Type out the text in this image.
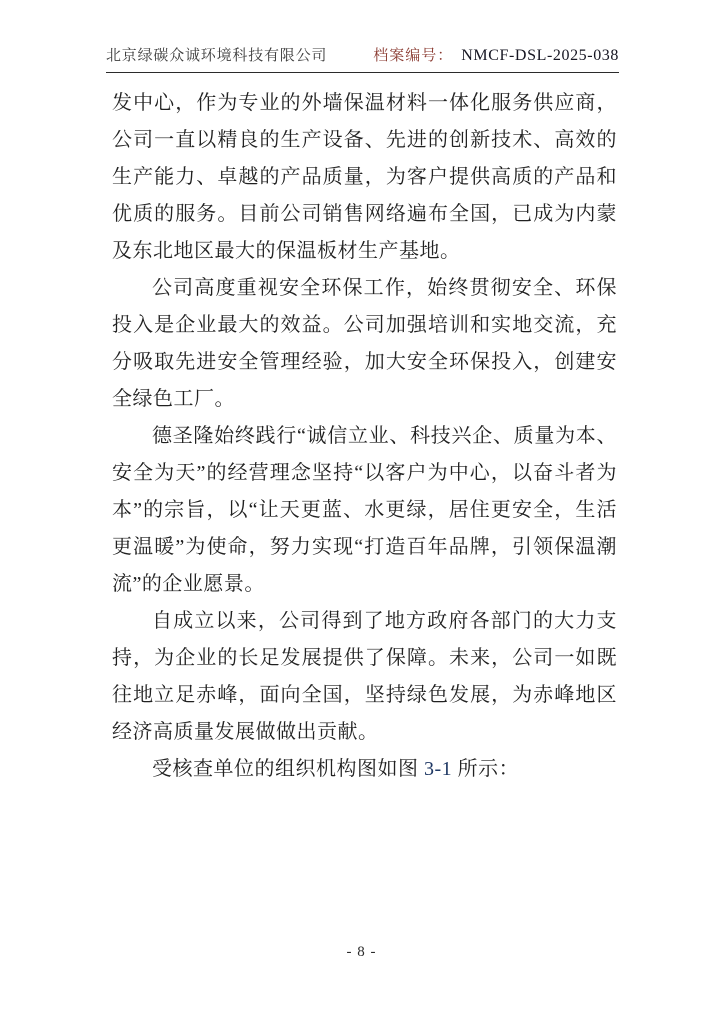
北京绿碳众诚环境科技有限公司	档案编号： NMCF-DSL-2025-038

发中心，作为专业的外墙保温材料一体化服务供应商，公司一直以精良的生产设备、先进的创新技术、高效的生产能力、卓越的产品质量，为客户提供高质的产品和优质的服务。目前公司销售网络遍布全国，已成为内蒙及东北地区最大的保温板材生产基地。

公司高度重视安全环保工作，始终贯彻安全、环保投入是企业最大的效益。公司加强培训和实地交流，充分吸取先进安全管理经验，加大安全环保投入，创建安全绿色工厂。

德圣隆始终践行“诚信立业、科技兴企、质量为本、安全为天”的经营理念坚持“以客户为中心，以奋斗者为本”的宗旨，以“让天更蓝、水更绿，居住更安全，生活更温暖”为使命，努力实现“打造百年品牌，引领保温潮流”的企业愿景。

自成立以来，公司得到了地方政府各部门的大力支持，为企业的长足发展提供了保障。未来，公司一如既往地立足赤峰，面向全国，坚持绿色发展，为赤峰地区经济高质量发展做做出贡献。

受核查单位的组织机构图如图 3-1 所示：

- 8 -
